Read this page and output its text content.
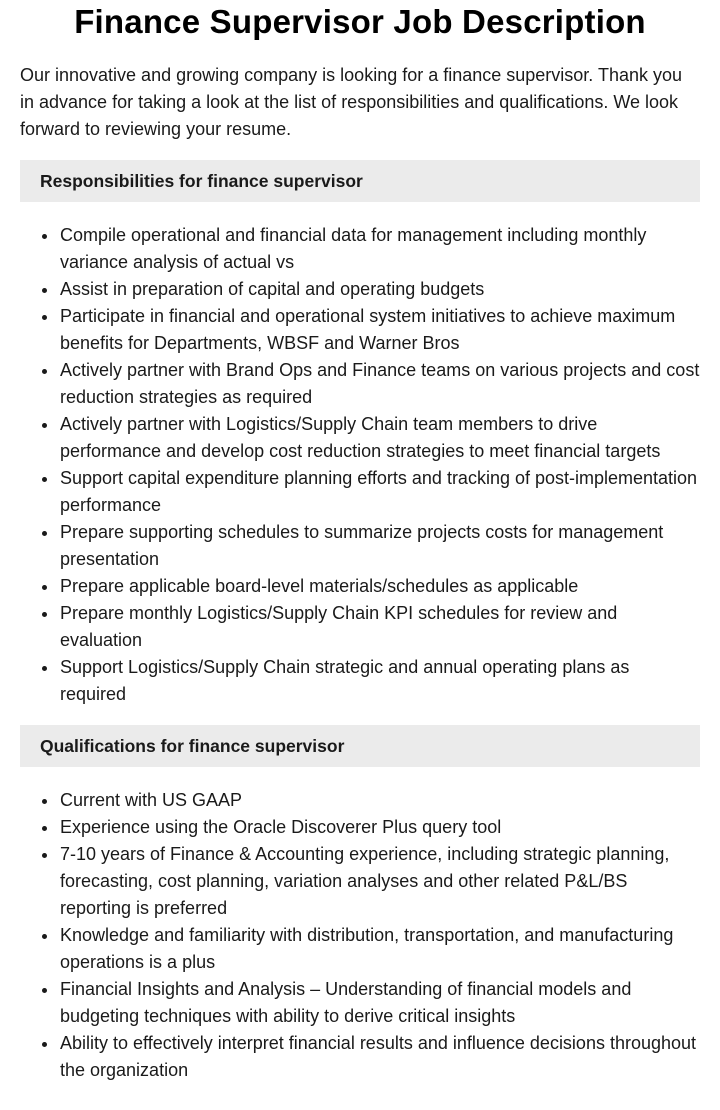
Finance Supervisor Job Description

Our innovative and growing company is looking for a finance supervisor. Thank you in advance for taking a look at the list of responsibilities and qualifications. We look forward to reviewing your resume.

Responsibilities for finance supervisor
Compile operational and financial data for management including monthly variance analysis of actual vs
Assist in preparation of capital and operating budgets
Participate in financial and operational system initiatives to achieve maximum benefits for Departments, WBSF and Warner Bros
Actively partner with Brand Ops and Finance teams on various projects and cost reduction strategies as required
Actively partner with Logistics/Supply Chain team members to drive performance and develop cost reduction strategies to meet financial targets
Support capital expenditure planning efforts and tracking of post-implementation performance
Prepare supporting schedules to summarize projects costs for management presentation
Prepare applicable board-level materials/schedules as applicable
Prepare monthly Logistics/Supply Chain KPI schedules for review and evaluation
Support Logistics/Supply Chain strategic and annual operating plans as required
Qualifications for finance supervisor
Current with US GAAP
Experience using the Oracle Discoverer Plus query tool
7-10 years of Finance & Accounting experience, including strategic planning, forecasting, cost planning, variation analyses and other related P&L/BS reporting is preferred
Knowledge and familiarity with distribution, transportation, and manufacturing operations is a plus
Financial Insights and Analysis – Understanding of financial models and budgeting techniques with ability to derive critical insights
Ability to effectively interpret financial results and influence decisions throughout the organization
